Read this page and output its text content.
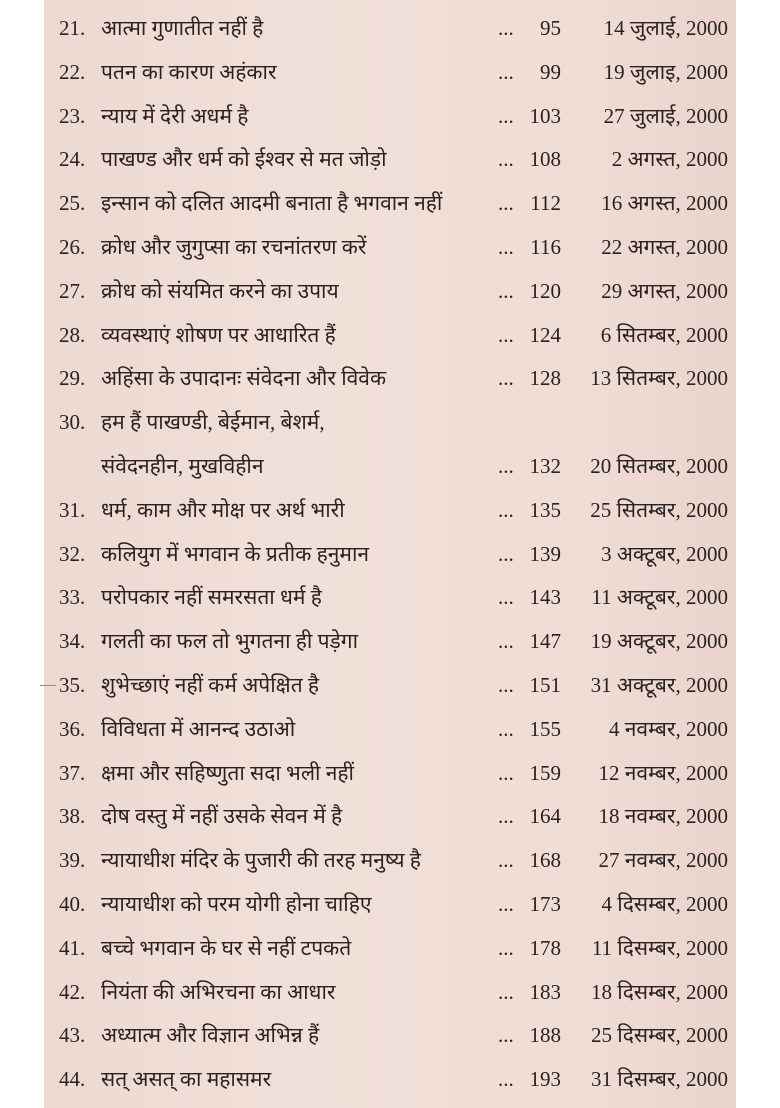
21. आत्मा गुणातीत नहीं है	... 95 14 जुलाई, 2000
22. पतन का कारण अहंकार	... 99 19 जुलाइ, 2000
23. न्याय में देरी अधर्म है	... 103 27 जुलाई, 2000
24. पाखण्ड और धर्म को ईश्वर से मत जोड़ो	... 108 2 अगस्त, 2000
25. इन्सान को दलित आदमी बनाता है भगवान नहीं	... 112 16 अगस्त, 2000
26. क्रोध और जुगुप्सा का रचनांतरण करें	... 116 22 अगस्त, 2000
27. क्रोध को संयमित करने का उपाय	... 120 29 अगस्त, 2000
28. व्यवस्थाएं शोषण पर आधारित हैं	... 124 6 सितम्बर, 2000
29. अहिंसा के उपादानः संवेदना और विवेक	... 128 13 सितम्बर, 2000
30. हम हैं पाखण्डी, बेईमान, बेशर्म,
संवेदनहीन, मुखविहीन	... 132 20 सितम्बर, 2000
31. धर्म, काम और मोक्ष पर अर्थ भारी	... 135 25 सितम्बर, 2000
32. कलियुग में भगवान के प्रतीक हनुमान	... 139 3 अक्टूबर, 2000
33. परोपकार नहीं समरसता धर्म है	... 143 11 अक्टूबर, 2000
34. गलती का फल तो भुगतना ही पड़ेगा	... 147 19 अक्टूबर, 2000
35. शुभेच्छाएं नहीं कर्म अपेक्षित है	... 151 31 अक्टूबर, 2000
36. विविधता में आनन्द उठाओ	... 155 4 नवम्बर, 2000
37. क्षमा और सहिष्णुता सदा भली नहीं	... 159 12 नवम्बर, 2000
38. दोष वस्तु में नहीं उसके सेवन में है	... 164 18 नवम्बर, 2000
39. न्यायाधीश मंदिर के पुजारी की तरह मनुष्य है	... 168 27 नवम्बर, 2000
40. न्यायाधीश को परम योगी होना चाहिए	... 173 4 दिसम्बर, 2000
41. बच्चे भगवान के घर से नहीं टपकते	... 178 11 दिसम्बर, 2000
42. नियंता की अभिरचना का आधार	... 183 18 दिसम्बर, 2000
43. अध्यात्म और विज्ञान अभिन्न हैं	... 188 25 दिसम्बर, 2000
44. सत् असत् का महासमर	... 193 31 दिसम्बर, 2000
